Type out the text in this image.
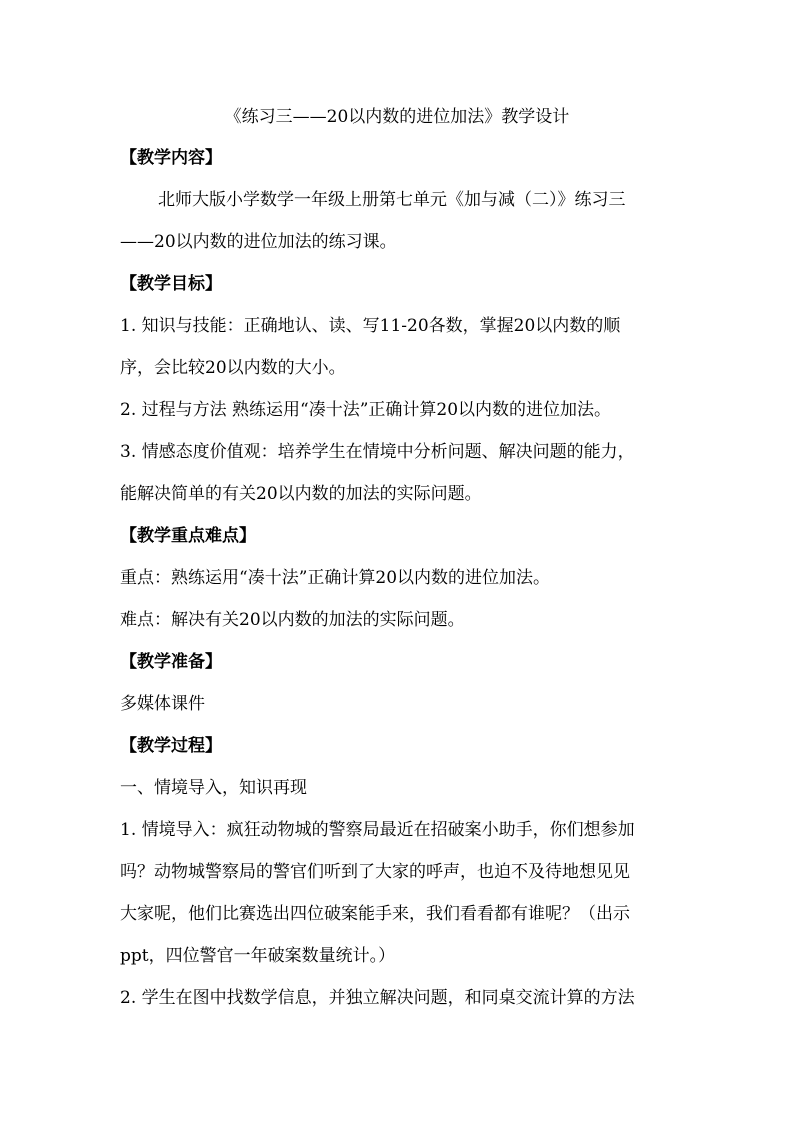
《练习三——20以内数的进位加法》教学设计
【教学内容】
北师大版小学数学一年级上册第七单元《加与减（二）》练习三
——20以内数的进位加法的练习课。
【教学目标】
1. 知识与技能：正确地认、读、写11-20各数，掌握20以内数的顺
序，会比较20以内数的大小。
2. 过程与方法 熟练运用“凑十法”正确计算20以内数的进位加法。
3. 情感态度价值观：培养学生在情境中分析问题、解决问题的能力，
能解决简单的有关20以内数的加法的实际问题。
【教学重点难点】
重点：熟练运用“凑十法”正确计算20以内数的进位加法。
难点：解决有关20以内数的加法的实际问题。
【教学准备】
多媒体课件
【教学过程】
一、情境导入，知识再现
1. 情境导入：疯狂动物城的警察局最近在招破案小助手，你们想参加
吗？动物城警察局的警官们听到了大家的呼声，也迫不及待地想见见
大家呢，他们比赛选出四位破案能手来，我们看看都有谁呢？（出示
ppt，四位警官一年破案数量统计。）
2. 学生在图中找数学信息，并独立解决问题，和同桌交流计算的方法
